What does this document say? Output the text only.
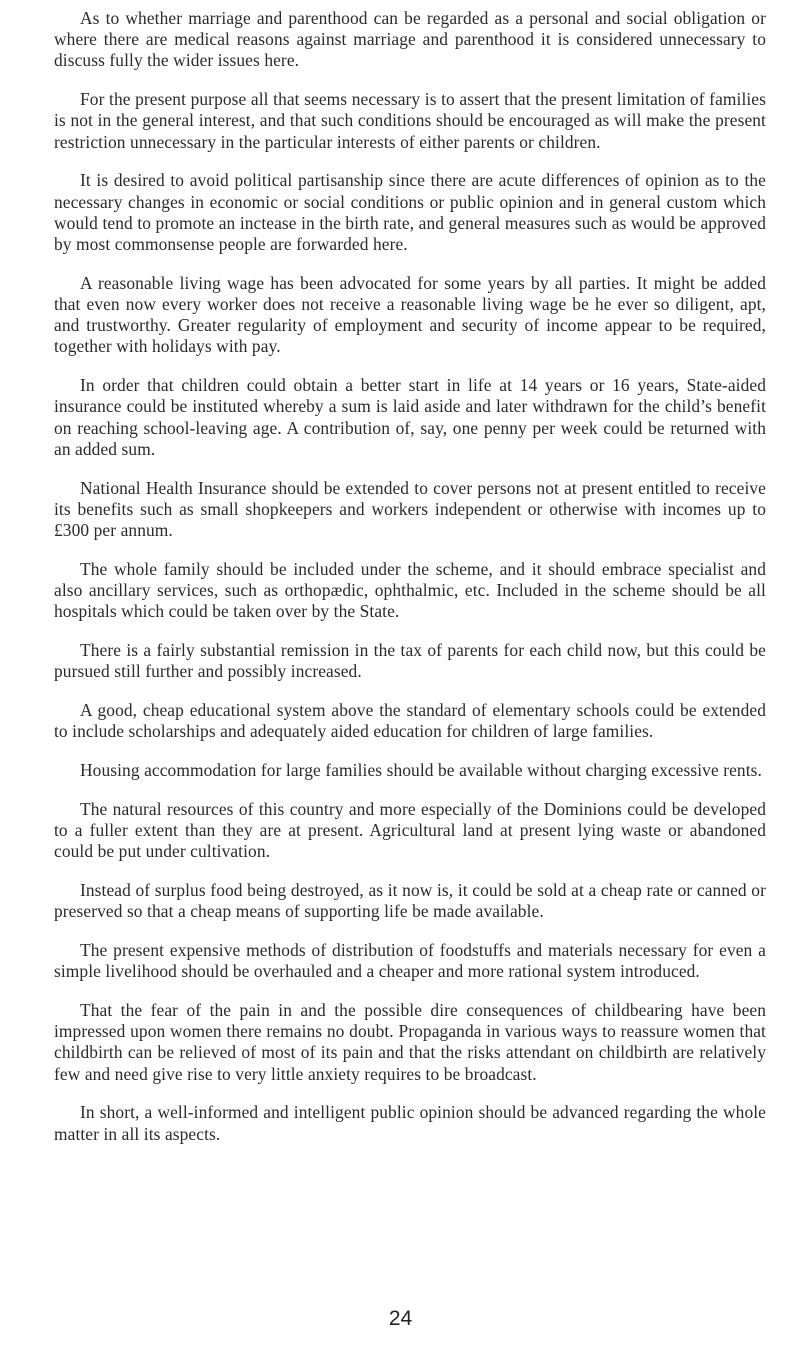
As to whether marriage and parenthood can be regarded as a personal and social obligation or where there are medical reasons against marriage and parenthood it is considered unnecessary to discuss fully the wider issues here.

For the present purpose all that seems necessary is to assert that the present limitation of families is not in the general interest, and that such conditions should be encouraged as will make the present restriction unnecessary in the particular interests of either parents or children.

It is desired to avoid political partisanship since there are acute differences of opinion as to the necessary changes in economic or social conditions or public opinion and in general custom which would tend to promote an inctease in the birth rate, and general measures such as would be approved by most commonsense people are forwarded here.

A reasonable living wage has been advocated for some years by all parties. It might be added that even now every worker does not receive a reasonable living wage be he ever so diligent, apt, and trustworthy. Greater regularity of employment and security of income appear to be required, together with holidays with pay.

In order that children could obtain a better start in life at 14 years or 16 years, State-aided insurance could be instituted whereby a sum is laid aside and later withdrawn for the child’s benefit on reaching school-leaving age. A contribution of, say, one penny per week could be returned with an added sum.

National Health Insurance should be extended to cover persons not at present entitled to receive its benefits such as small shopkeepers and workers independent or otherwise with incomes up to £300 per annum.

The whole family should be included under the scheme, and it should embrace specialist and also ancillary services, such as orthopædic, ophthalmic, etc. Included in the scheme should be all hospitals which could be taken over by the State.

There is a fairly substantial remission in the tax of parents for each child now, but this could be pursued still further and possibly increased.

A good, cheap educational system above the standard of elementary schools could be extended to include scholarships and adequately aided education for children of large families.

Housing accommodation for large families should be available without charging excessive rents.

The natural resources of this country and more especially of the Dominions could be developed to a fuller extent than they are at present. Agricultural land at present lying waste or abandoned could be put under cultivation.

Instead of surplus food being destroyed, as it now is, it could be sold at a cheap rate or canned or preserved so that a cheap means of supporting life be made available.

The present expensive methods of distribution of foodstuffs and materials necessary for even a simple livelihood should be overhauled and a cheaper and more rational system introduced.

That the fear of the pain in and the possible dire consequences of childbearing have been impressed upon women there remains no doubt. Propaganda in various ways to reassure women that childbirth can be relieved of most of its pain and that the risks attendant on childbirth are relatively few and need give rise to very little anxiety requires to be broadcast.

In short, a well-informed and intelligent public opinion should be advanced regarding the whole matter in all its aspects.

24
